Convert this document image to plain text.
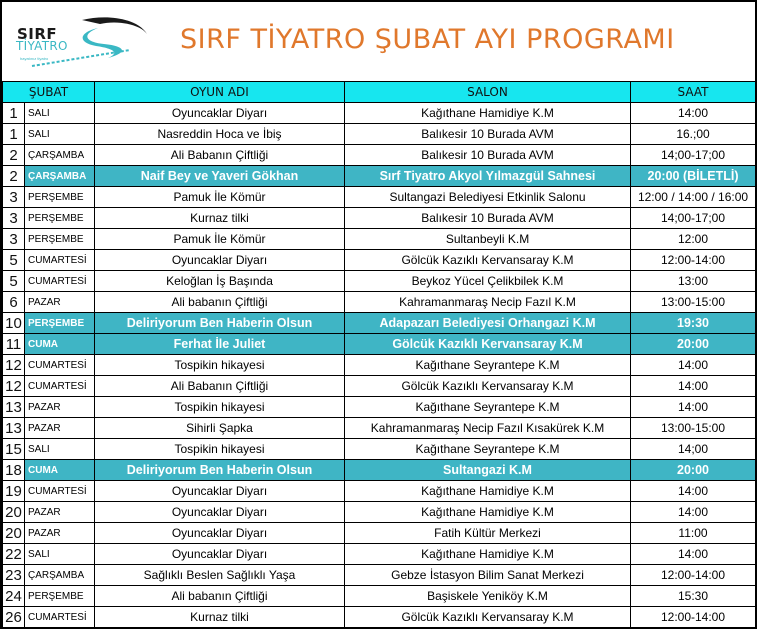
SIRF
TİYATRO
hayatınız tiyatro
SIRF TİYATRO ŞUBAT AYI PROGRAMI
ŞUBAT		OYUN ADI	SALON	SAAT
1	SALI	Oyuncaklar Diyarı	Kağıthane Hamidiye K.M	14:00
1	SALI	Nasreddin Hoca ve İbiş	Balıkesir 10 Burada AVM	16.;00
2	ÇARŞAMBA	Ali Babanın Çiftliği	Balıkesir 10 Burada AVM	14;00-17;00
2	ÇARŞAMBA	Naif Bey ve Yaveri Gökhan	Sırf Tiyatro Akyol Yılmazgül Sahnesi	20:00 (BİLETLİ)
3	PERŞEMBE	Pamuk İle Kömür	Sultangazi Belediyesi Etkinlik Salonu	12:00 / 14:00 / 16:00
3	PERŞEMBE	Kurnaz tilki	Balıkesir 10 Burada AVM	14;00-17;00
3	PERŞEMBE	Pamuk İle Kömür	Sultanbeyli K.M	12:00
5	CUMARTESİ	Oyuncaklar Diyarı	Gölcük Kazıklı Kervansaray K.M	12:00-14:00
5	CUMARTESİ	Keloğlan İş Başında	Beykoz Yücel Çelikbilek K.M	13:00
6	PAZAR	Ali babanın Çiftliği	Kahramanmaraş Necip Fazıl K.M	13:00-15:00
10	PERŞEMBE	Deliriyorum Ben Haberin Olsun	Adapazarı Belediyesi Orhangazi K.M	19:30
11	CUMA	Ferhat İle Juliet	Gölcük Kazıklı Kervansaray K.M	20:00
12	CUMARTESİ	Tospikin hikayesi	Kağıthane Seyrantepe K.M	14:00
12	CUMARTESİ	Ali Babanın Çiftliği	Gölcük Kazıklı Kervansaray K.M	14:00
13	PAZAR	Tospikin hikayesi	Kağıthane Seyrantepe K.M	14:00
13	PAZAR	Sihirli Şapka	Kahramanmaraş Necip Fazıl Kısakürek K.M	13:00-15:00
15	SALI	Tospikin hikayesi	Kağıthane Seyrantepe K.M	14;00
18	CUMA	Deliriyorum Ben Haberin Olsun	Sultangazi K.M	20:00
19	CUMARTESİ	Oyuncaklar Diyarı	Kağıthane Hamidiye K.M	14:00
20	PAZAR	Oyuncaklar Diyarı	Kağıthane Hamidiye K.M	14:00
20	PAZAR	Oyuncaklar Diyarı	Fatih Kültür Merkezi	11:00
22	SALI	Oyuncaklar Diyarı	Kağıthane Hamidiye K.M	14:00
23	ÇARŞAMBA	Sağlıklı Beslen Sağlıklı Yaşa	Gebze İstasyon Bilim Sanat Merkezi	12:00-14:00
24	PERŞEMBE	Ali babanın Çiftliği	Başiskele Yeniköy K.M	15:30
26	CUMARTESİ	Kurnaz tilki	Gölcük Kazıklı Kervansaray K.M	12:00-14:00
